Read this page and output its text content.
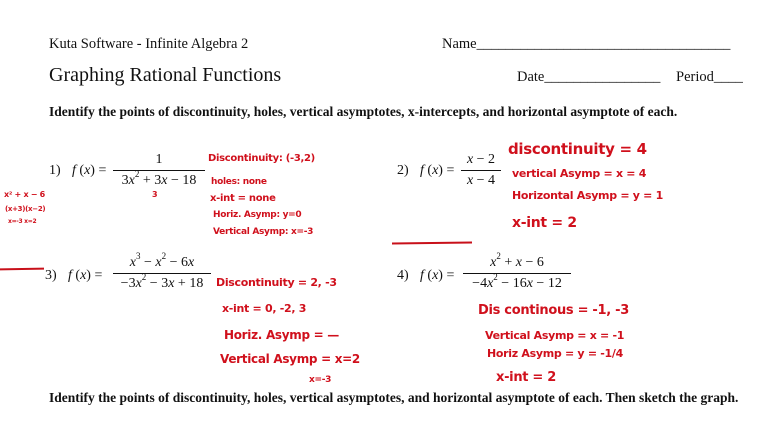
Kuta Software - Infinite Algebra 2	Name___________________________________
Graphing Rational Functions	Date________________ Period____
Identify the points of discontinuity, holes, vertical asymptotes, x-intercepts, and horizontal asymptote of each.
1) f (x) =
1
$3x^2 + 3x - 18$
3
Discontinuity: (-3,2)
holes: none
x-int = none
Horiz. Asymp: y=0
Vertical Asymp: x=-3
x² + x − 6
(x+3)(x−2)
x=-3 x=2
2) f (x) =
x − 2
x − 4
discontinuity = 4
vertical Asymp = x = 4
Horizontal Asymp = y = 1
x-int = 2
3) f (x) =
$x^3 - x^2 - 6x$
$-3x^2 - 3x + 18$	Discontinuity = 2, -3
x-int = 0, -2, 3
Horiz. Asymp = —
Vertical Asymp = x=2
x=-3
4) f (x) =
$x^2 + x - 6$
$-4x^2 - 16x - 12$
Dis continous = -1, -3
Vertical Asymp = x = -1
Horiz Asymp = y = -1/4
x-int = 2
Identify the points of discontinuity, holes, vertical asymptotes, and horizontal asymptote of each. Then sketch the graph.
